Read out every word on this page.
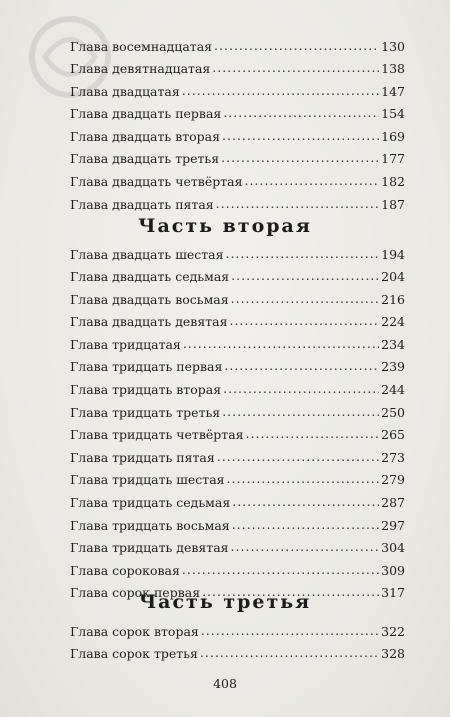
Глава восемнадцатая .....	130
Глава девятнадцатая .....	138
Глава двадцатая .....	147
Глава двадцать первая .....	154
Глава двадцать вторая .....	169
Глава двадцать третья .....	177
Глава двадцать четвёртая .....	182
Глава двадцать пятая .....	187
Часть вторая
Глава двадцать шестая .....	194
Глава двадцать седьмая .....	204
Глава двадцать восьмая .....	216
Глава двадцать девятая .....	224
Глава тридцатая .....	234
Глава тридцать первая .....	239
Глава тридцать вторая .....	244
Глава тридцать третья .....	250
Глава тридцать четвёртая .....	265
Глава тридцать пятая .....	273
Глава тридцать шестая .....	279
Глава тридцать седьмая .....	287
Глава тридцать восьмая .....	297
Глава тридцать девятая .....	304
Глава сороковая .....	309
Глава сорок первая .....	317
Часть третья
Глава сорок вторая .....	322
Глава сорок третья .....	328
408
